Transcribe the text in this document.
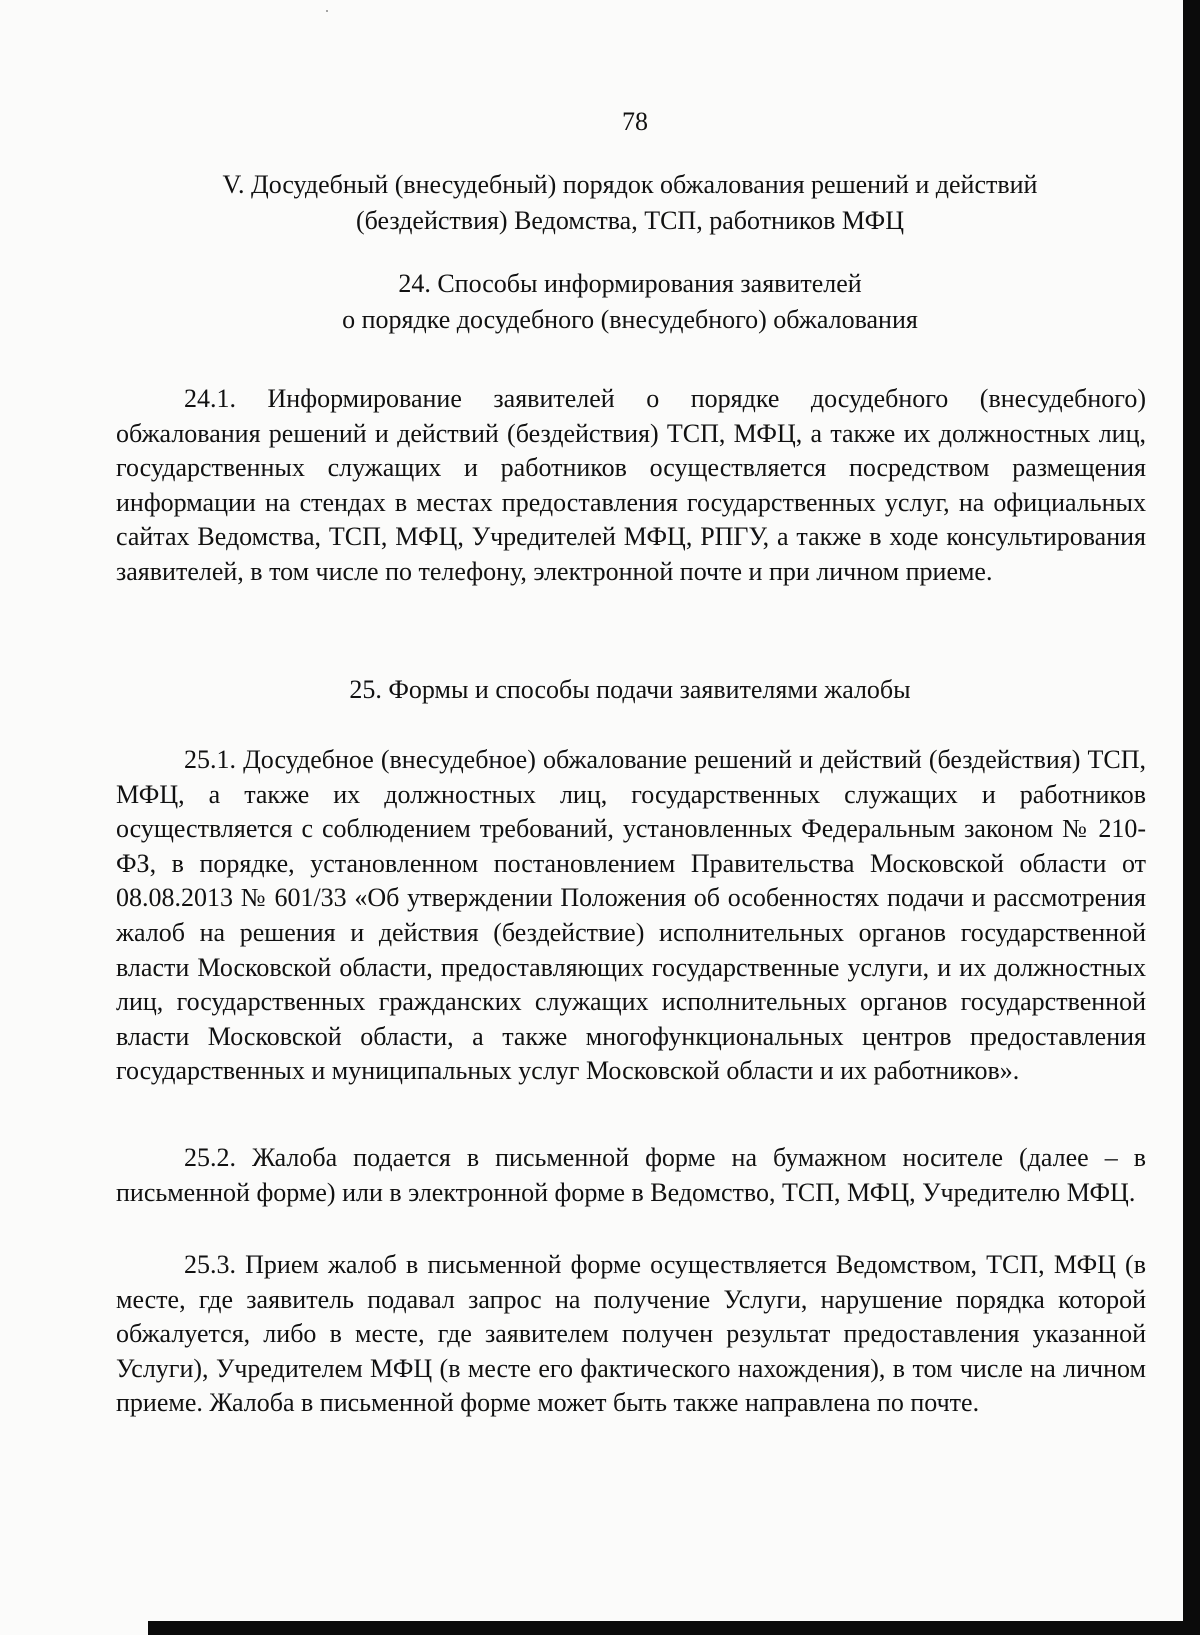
78
V. Досудебный (внесудебный) порядок обжалования решений и действий
(бездействия) Ведомства, ТСП, работников МФЦ
24. Способы информирования заявителей
о порядке досудебного (внесудебного) обжалования

24.1. Информирование заявителей о порядке досудебного (внесудебного) обжалования решений и действий (бездействия) ТСП, МФЦ, а также их должностных лиц, государственных служащих и работников осуществляется посредством размещения информации на стендах в местах предоставления государственных услуг, на официальных сайтах Ведомства, ТСП, МФЦ, Учредителей МФЦ, РПГУ, а также в ходе консультирования заявителей, в том числе по телефону, электронной почте и при личном приеме.

25. Формы и способы подачи заявителями жалобы

25.1. Досудебное (внесудебное) обжалование решений и действий (бездействия) ТСП, МФЦ, а также их должностных лиц, государственных служащих и работников осуществляется с соблюдением требований, установленных Федеральным законом № 210-ФЗ, в порядке, установленном постановлением Правительства Московской области от 08.08.2013 № 601/33 «Об утверждении Положения об особенностях подачи и рассмотрения жалоб на решения и действия (бездействие) исполнительных органов государственной власти Московской области, предоставляющих государственные услуги, и их должностных лиц, государственных гражданских служащих исполнительных органов государственной власти Московской области, а также многофункциональных центров предоставления государственных и муниципальных услуг Московской области и их работников».

25.2. Жалоба подается в письменной форме на бумажном носителе (далее – в письменной форме) или в электронной форме в Ведомство, ТСП, МФЦ, Учредителю МФЦ.

25.3. Прием жалоб в письменной форме осуществляется Ведомством, ТСП, МФЦ (в месте, где заявитель подавал запрос на получение Услуги, нарушение порядка которой обжалуется, либо в месте, где заявителем получен результат предоставления указанной Услуги), Учредителем МФЦ (в месте его фактического нахождения), в том числе на личном приеме. Жалоба в письменной форме может быть также направлена по почте.
